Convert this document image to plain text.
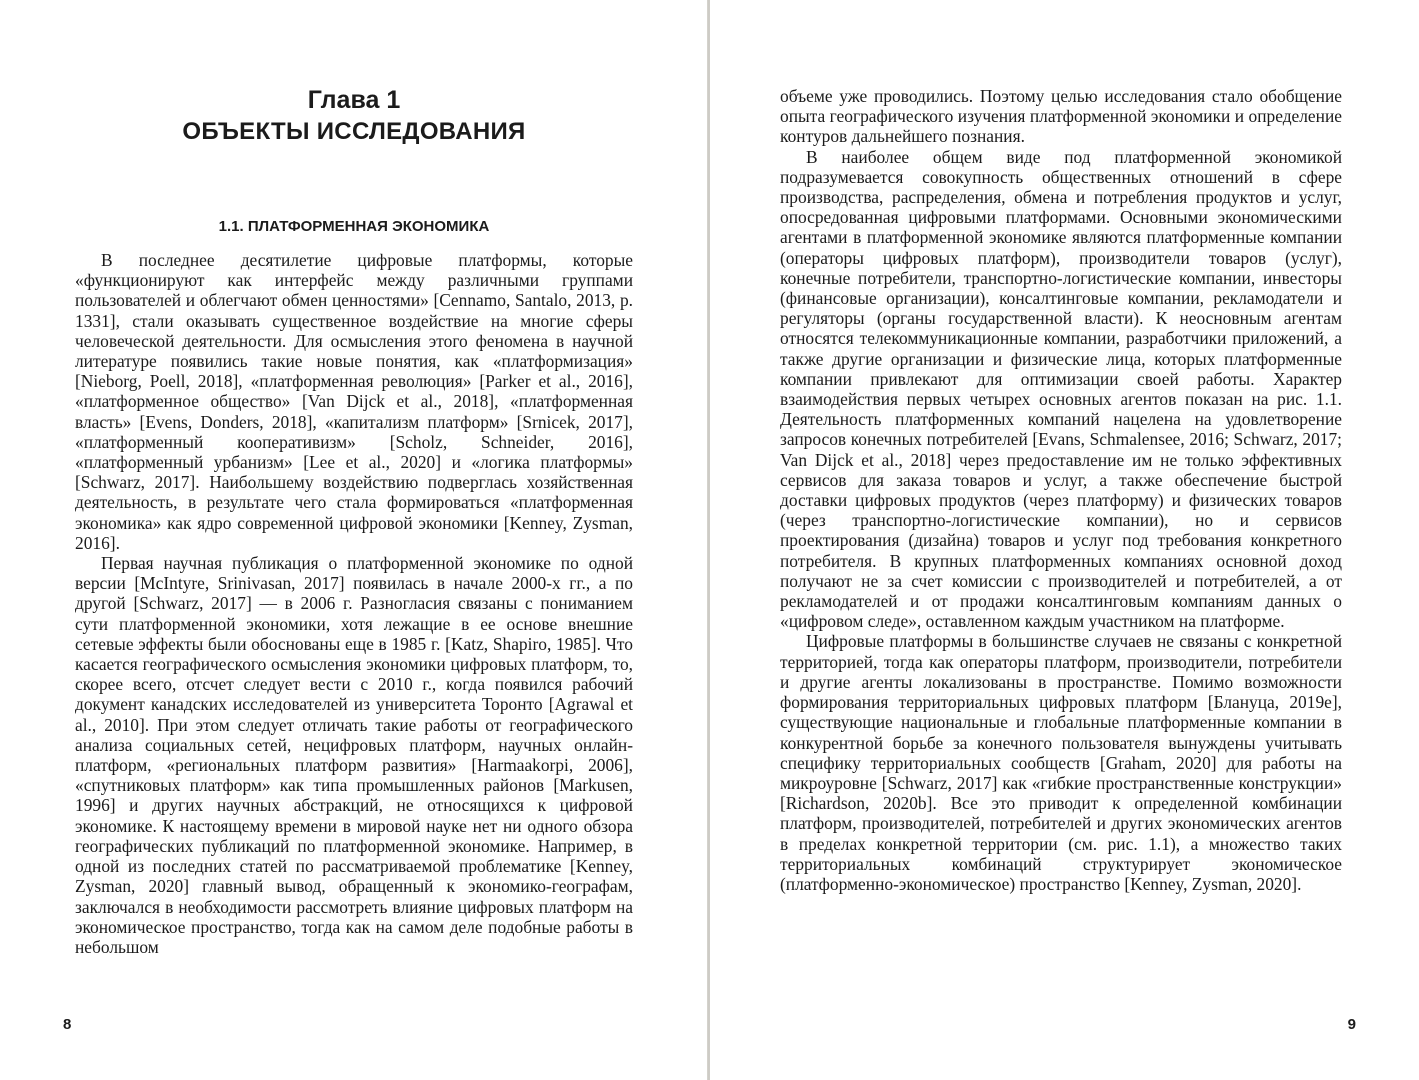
Глава 1
ОБЪЕКТЫ ИССЛЕДОВАНИЯ
1.1. ПЛАТФОРМЕННАЯ ЭКОНОМИКА

В последнее десятилетие цифровые платформы, которые «функционируют как интерфейс между различными группами пользователей и облегчают обмен ценностями» [Cennamo, Santalo, 2013, p. 1331], стали оказывать существенное воздействие на многие сферы человеческой деятельности. Для осмысления этого феномена в научной литературе появились такие новые понятия, как «платформизация» [Nieborg, Poell, 2018], «платформенная революция» [Parker et al., 2016], «платформенное общество» [Van Dijck et al., 2018], «платформенная власть» [Evens, Donders, 2018], «капитализм платформ» [Srnicek, 2017], «платформенный кооперативизм» [Scholz, Schneider, 2016], «платформенный урбанизм» [Lee et al., 2020] и «логика платформы» [Schwarz, 2017]. Наибольшему воздействию подверглась хозяйственная деятельность, в результате чего стала формироваться «платформенная экономика» как ядро современной цифровой экономики [Kenney, Zysman, 2016].

Первая научная публикация о платформенной экономике по одной версии [McIntyre, Srinivasan, 2017] появилась в начале 2000-х гг., а по другой [Schwarz, 2017] — в 2006 г. Разногласия связаны с пониманием сути платформенной экономики, хотя лежащие в ее основе внешние сетевые эффекты были обоснованы еще в 1985 г. [Katz, Shapiro, 1985]. Что касается географического осмысления экономики цифровых платформ, то, скорее всего, отсчет следует вести с 2010 г., когда появился рабочий документ канадских исследователей из университета Торонто [Agrawal et al., 2010]. При этом следует отличать такие работы от географического анализа социальных сетей, нецифровых платформ, научных онлайн-платформ, «региональных платформ развития» [Harmaakorpi, 2006], «спутниковых платформ» как типа промышленных районов [Markusen, 1996] и других научных абстракций, не относящихся к цифровой экономике. К настоящему времени в мировой науке нет ни одного обзора географических публикаций по платформенной экономике. Например, в одной из последних статей по рассматриваемой проблематике [Kenney, Zysman, 2020] главный вывод, обращенный к экономико-географам, заключался в необходимости рассмотреть влияние цифровых платформ на экономическое пространство, тогда как на самом деле подобные работы в небольшом

8

объеме уже проводились. Поэтому целью исследования стало обобщение опыта географического изучения платформенной экономики и определение контуров дальнейшего познания.

В наиболее общем виде под платформенной экономикой подразумевается совокупность общественных отношений в сфере производства, распределения, обмена и потребления продуктов и услуг, опосредованная цифровыми платформами. Основными экономическими агентами в платформенной экономике являются платформенные компании (операторы цифровых платформ), производители товаров (услуг), конечные потребители, транспортно-логистические компании, инвесторы (финансовые организации), консалтинговые компании, рекламодатели и регуляторы (органы государственной власти). К неосновным агентам относятся телекоммуникационные компании, разработчики приложений, а также другие организации и физические лица, которых платформенные компании привлекают для оптимизации своей работы. Характер взаимодействия первых четырех основных агентов показан на рис. 1.1. Деятельность платформенных компаний нацелена на удовлетворение запросов конечных потребителей [Evans, Schmalensee, 2016; Schwarz, 2017; Van Dijck et al., 2018] через предоставление им не только эффективных сервисов для заказа товаров и услуг, а также обеспечение быстрой доставки цифровых продуктов (через платформу) и физических товаров (через транспортно-логистические компании), но и сервисов проектирования (дизайна) товаров и услуг под требования конкретного потребителя. В крупных платформенных компаниях основной доход получают не за счет комиссии с производителей и потребителей, а от рекламодателей и от продажи консалтинговым компаниям данных о «цифровом следе», оставленном каждым участником на платформе.

Цифровые платформы в большинстве случаев не связаны с конкретной территорией, тогда как операторы платформ, производители, потребители и другие агенты локализованы в пространстве. Помимо возможности формирования территориальных цифровых платформ [Блануца, 2019е], существующие национальные и глобальные платформенные компании в конкурентной борьбе за конечного пользователя вынуждены учитывать специфику территориальных сообществ [Graham, 2020] для работы на микроуровне [Schwarz, 2017] как «гибкие пространственные конструкции» [Richardson, 2020b]. Все это приводит к определенной комбинации платформ, производителей, потребителей и других экономических агентов в пределах конкретной территории (см. рис. 1.1), а множество таких территориальных комбинаций структурирует экономическое (платформенно-экономическое) пространство [Kenney, Zysman, 2020].

9
